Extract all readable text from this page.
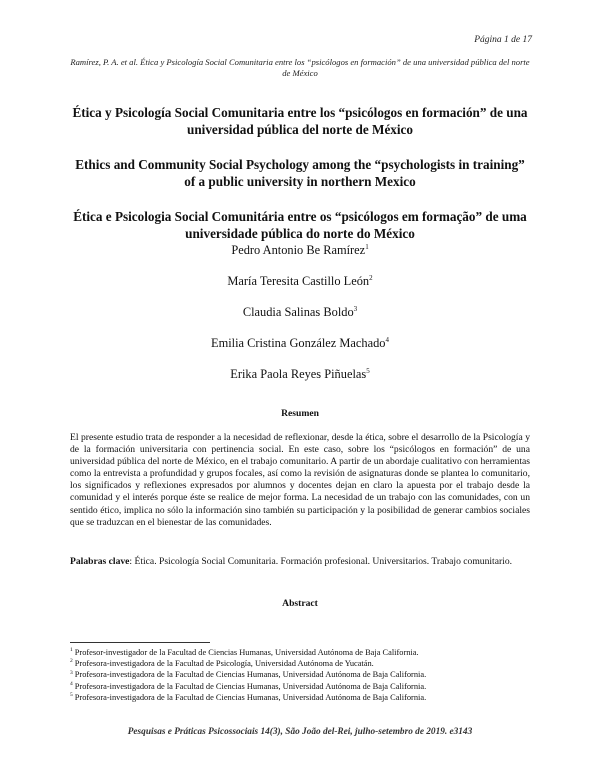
Página 1 de 17
Ramírez, P. A. et al. Ética y Psicología Social Comunitaria entre los “psicólogos en formación” de una universidad pública del norte de México

Ética y Psicología Social Comunitaria entre los “psicólogos en formación” de una universidad pública del norte de México

Ethics and Community Social Psychology among the “psychologists in training” of a public university in northern Mexico

Ética e Psicologia Social Comunitária entre os “psicólogos em formação” de uma universidade pública do norte do México

Pedro Antonio Be Ramírez$^1$
María Teresita Castillo León$^2$
Claudia Salinas Boldo$^3$
Emilia Cristina González Machado$^4$
Erika Paola Reyes Piñuelas$^5$
Resumen

El presente estudio trata de responder a la necesidad de reflexionar, desde la ética, sobre el desarrollo de la Psicología y de la formación universitaria con pertinencia social. En este caso, sobre los “psicólogos en formación” de una universidad pública del norte de México, en el trabajo comunitario. A partir de un abordaje cualitativo con herramientas como la entrevista a profundidad y grupos focales, así como la revisión de asignaturas donde se plantea lo comunitario, los significados y reflexiones expresados por alumnos y docentes dejan en claro la apuesta por el trabajo desde la comunidad y el interés porque éste se realice de mejor forma. La necesidad de un trabajo con las comunidades, con un sentido ético, implica no sólo la información sino también su participación y la posibilidad de generar cambios sociales que se traduzcan en el bienestar de las comunidades.

Palabras clave: Ética. Psicología Social Comunitaria. Formación profesional. Universitarios. Trabajo comunitario.

Abstract
$^1$ Profesor-investigador de la Facultad de Ciencias Humanas, Universidad Autónoma de Baja California.
$^2$ Profesora-investigadora de la Facultad de Psicología, Universidad Autónoma de Yucatán.
$^3$ Profesora-investigadora de la Facultad de Ciencias Humanas, Universidad Autónoma de Baja California.
$^4$ Profesora-investigadora de la Facultad de Ciencias Humanas, Universidad Autónoma de Baja California.
$^5$ Profesora-investigadora de la Facultad de Ciencias Humanas, Universidad Autónoma de Baja California.
Pesquisas e Práticas Psicossociais 14(3), São João del-Rei, julho-setembro de 2019. e3143
